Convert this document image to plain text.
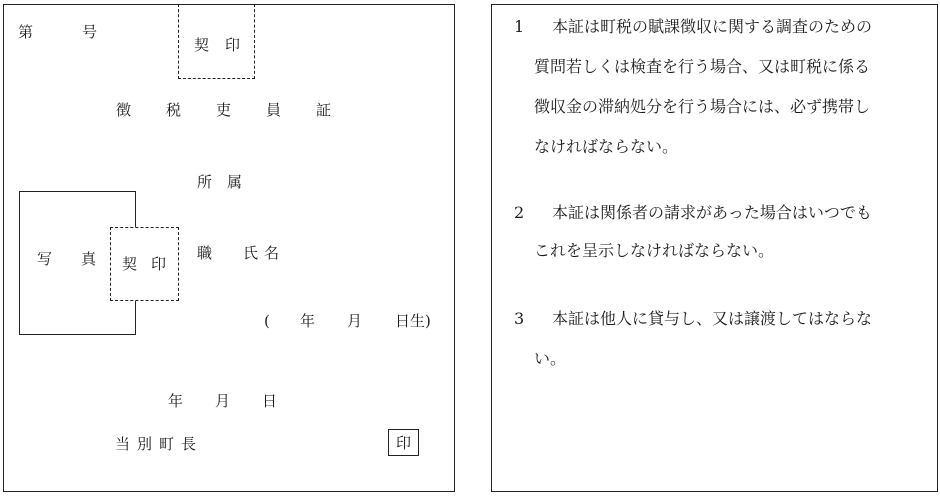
第	号
契 印
徴 税 吏 員 証
所 属
写 真 契 印
職 氏 名
( 年 月 日生)
年 月 日
当 別 町 長	印
1 本証は町税の賦課徴収に関する調査のための
質問若しくは検査を行う場合、又は町税に係る
徴収金の滞納処分を行う場合には、必ず携帯し
なければならない。
2 本証は関係者の請求があった場合はいつでも
これを呈示しなければならない。
3 本証は他人に貸与し、又は譲渡してはならな
い。
